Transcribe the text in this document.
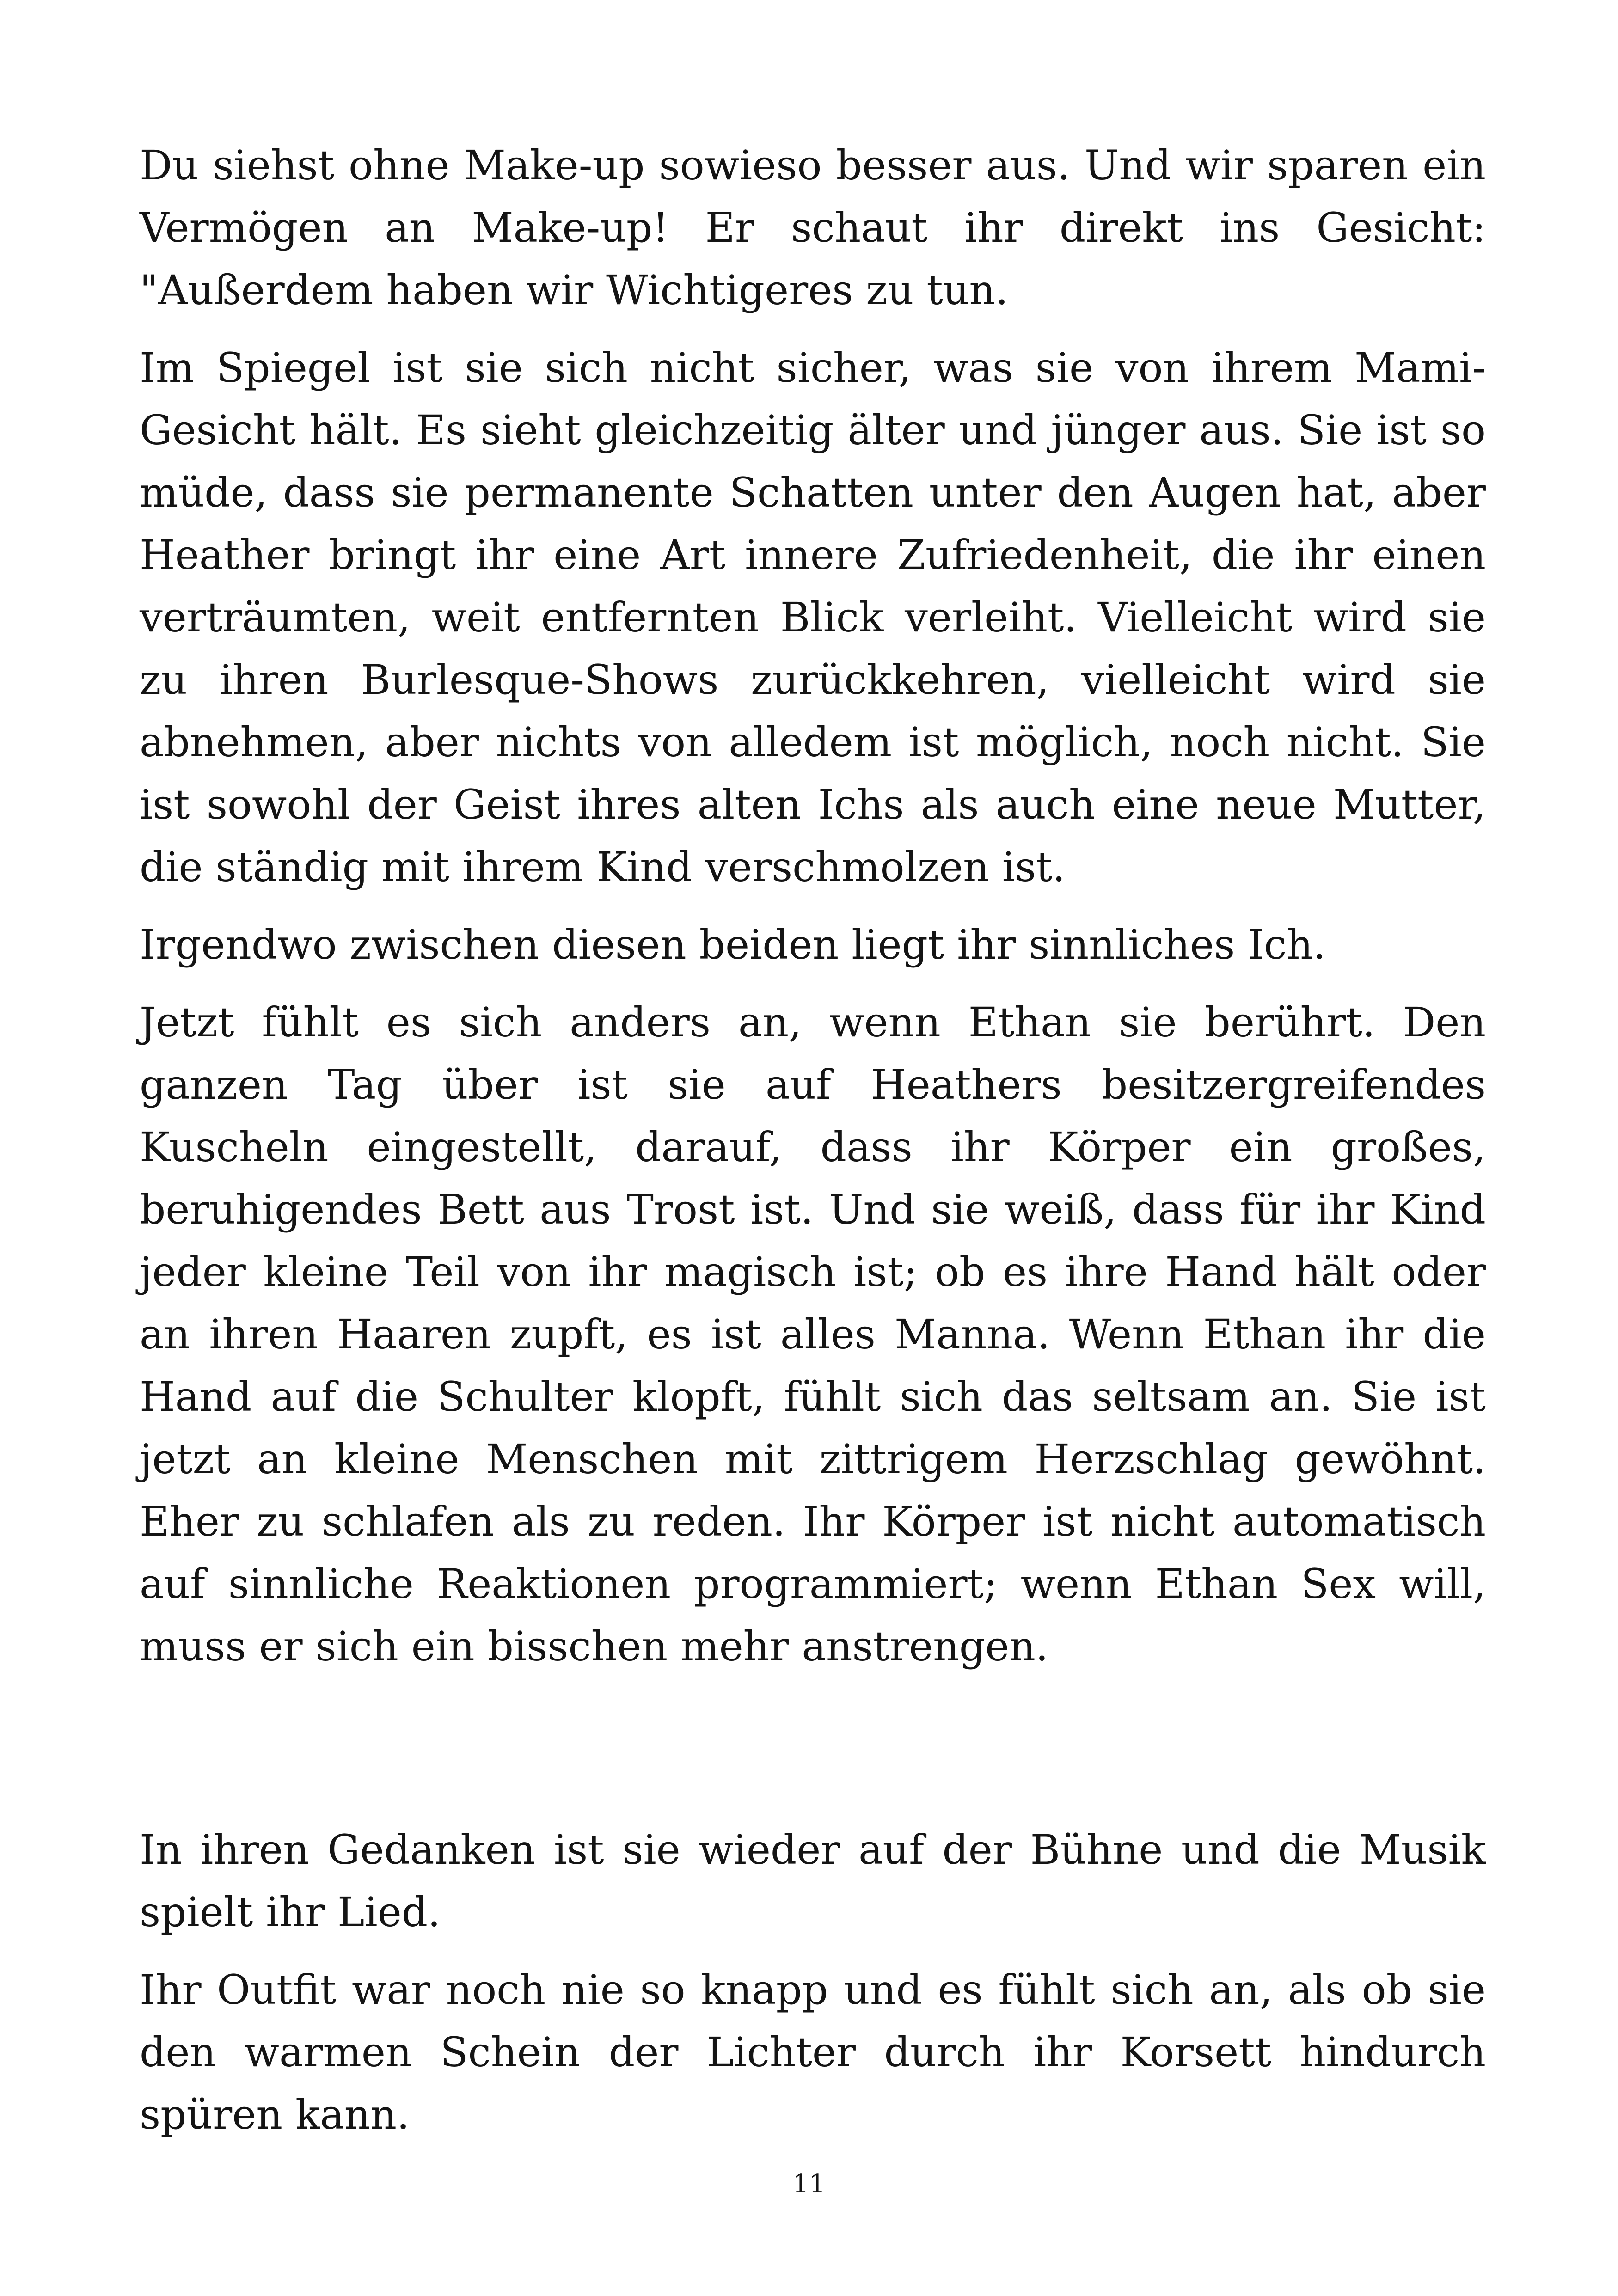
Du siehst ohne Make-up sowieso besser aus. Und wir sparen ein Vermögen an Make-up! Er schaut ihr direkt ins Gesicht: "Außerdem haben wir Wichtigeres zu tun.

Im Spiegel ist sie sich nicht sicher, was sie von ihrem Mami-Gesicht hält. Es sieht gleichzeitig älter und jünger aus. Sie ist so müde, dass sie permanente Schatten unter den Augen hat, aber Heather bringt ihr eine Art innere Zufriedenheit, die ihr einen verträumten, weit entfernten Blick verleiht. Vielleicht wird sie zu ihren Burlesque-Shows zurückkehren, vielleicht wird sie abnehmen, aber nichts von alledem ist möglich, noch nicht. Sie ist sowohl der Geist ihres alten Ichs als auch eine neue Mutter, die ständig mit ihrem Kind verschmolzen ist.

Irgendwo zwischen diesen beiden liegt ihr sinnliches Ich.

Jetzt fühlt es sich anders an, wenn Ethan sie berührt. Den ganzen Tag über ist sie auf Heathers besitzergreifendes Kuscheln eingestellt, darauf, dass ihr Körper ein großes, beruhigendes Bett aus Trost ist. Und sie weiß, dass für ihr Kind jeder kleine Teil von ihr magisch ist; ob es ihre Hand hält oder an ihren Haaren zupft, es ist alles Manna. Wenn Ethan ihr die Hand auf die Schulter klopft, fühlt sich das seltsam an. Sie ist jetzt an kleine Menschen mit zittrigem Herzschlag gewöhnt. Eher zu schlafen als zu reden. Ihr Körper ist nicht automatisch auf sinnliche Reaktionen programmiert; wenn Ethan Sex will, muss er sich ein bisschen mehr anstrengen.

In ihren Gedanken ist sie wieder auf der Bühne und die Musik spielt ihr Lied.

Ihr Outfit war noch nie so knapp und es fühlt sich an, als ob sie den warmen Schein der Lichter durch ihr Korsett hindurch spüren kann.

11
